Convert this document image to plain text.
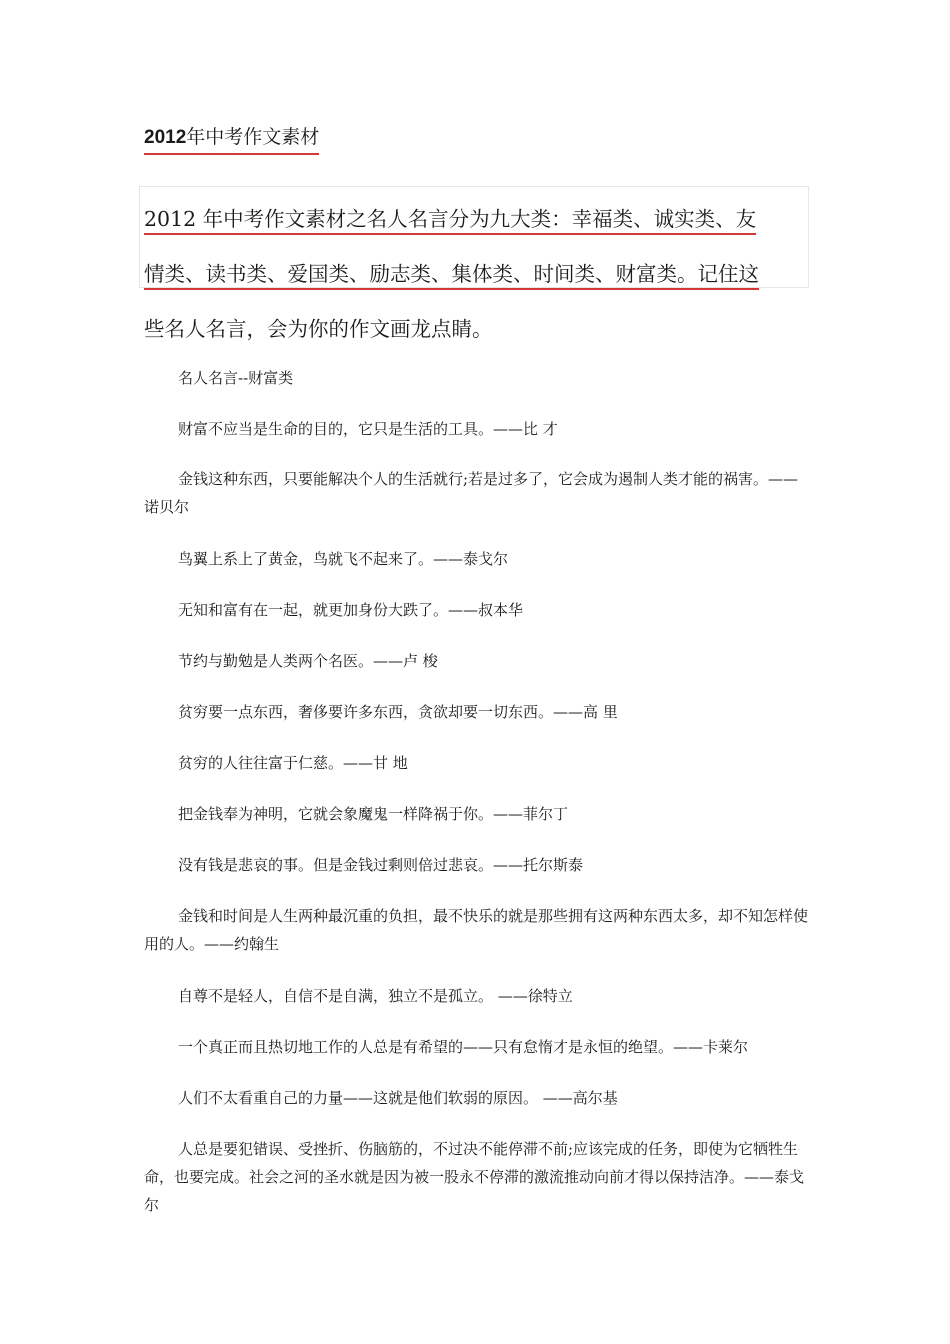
2012年中考作文素材

2012 年中考作文素材之名人名言分为九大类：幸福类、诚实类、友
情类、读书类、爱国类、励志类、集体类、时间类、财富类。记住这
些名人名言，会为你的作文画龙点睛。

名人名言--财富类

财富不应当是生命的目的，它只是生活的工具。——比 才

金钱这种东西，只要能解决个人的生活就行;若是过多了，它会成为遏制人类才能的祸害。——诺贝尔

鸟翼上系上了黄金，鸟就飞不起来了。——泰戈尔

无知和富有在一起，就更加身份大跌了。——叔本华

节约与勤勉是人类两个名医。——卢 梭

贫穷要一点东西，奢侈要许多东西，贪欲却要一切东西。——高 里

贫穷的人往往富于仁慈。——甘 地

把金钱奉为神明，它就会象魔鬼一样降祸于你。——菲尔丁

没有钱是悲哀的事。但是金钱过剩则倍过悲哀。——托尔斯泰

金钱和时间是人生两种最沉重的负担，最不快乐的就是那些拥有这两种东西太多，却不知怎样使用的人。——约翰生

自尊不是轻人，自信不是自满，独立不是孤立。 ——徐特立

一个真正而且热切地工作的人总是有希望的——只有怠惰才是永恒的绝望。——卡莱尔

人们不太看重自己的力量——这就是他们软弱的原因。 ——高尔基

人总是要犯错误、受挫折、伤脑筋的，不过决不能停滞不前;应该完成的任务，即使为它牺牲生命，也要完成。社会之河的圣水就是因为被一股永不停滞的激流推动向前才得以保持洁净。——泰戈尔
